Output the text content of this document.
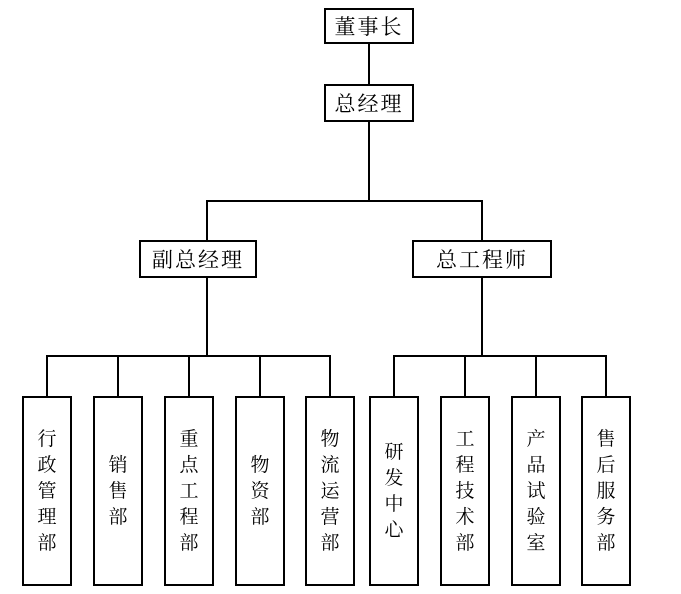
董事长
总经理
副总经理	总工程师
行
政
管
理
部
销
售
部
重
点
工
程
部
物
资
部
物
流
运
营
部
研
发
中
心
工
程
技
术
部
产
品
试
验
室
售
后
服
务
部
